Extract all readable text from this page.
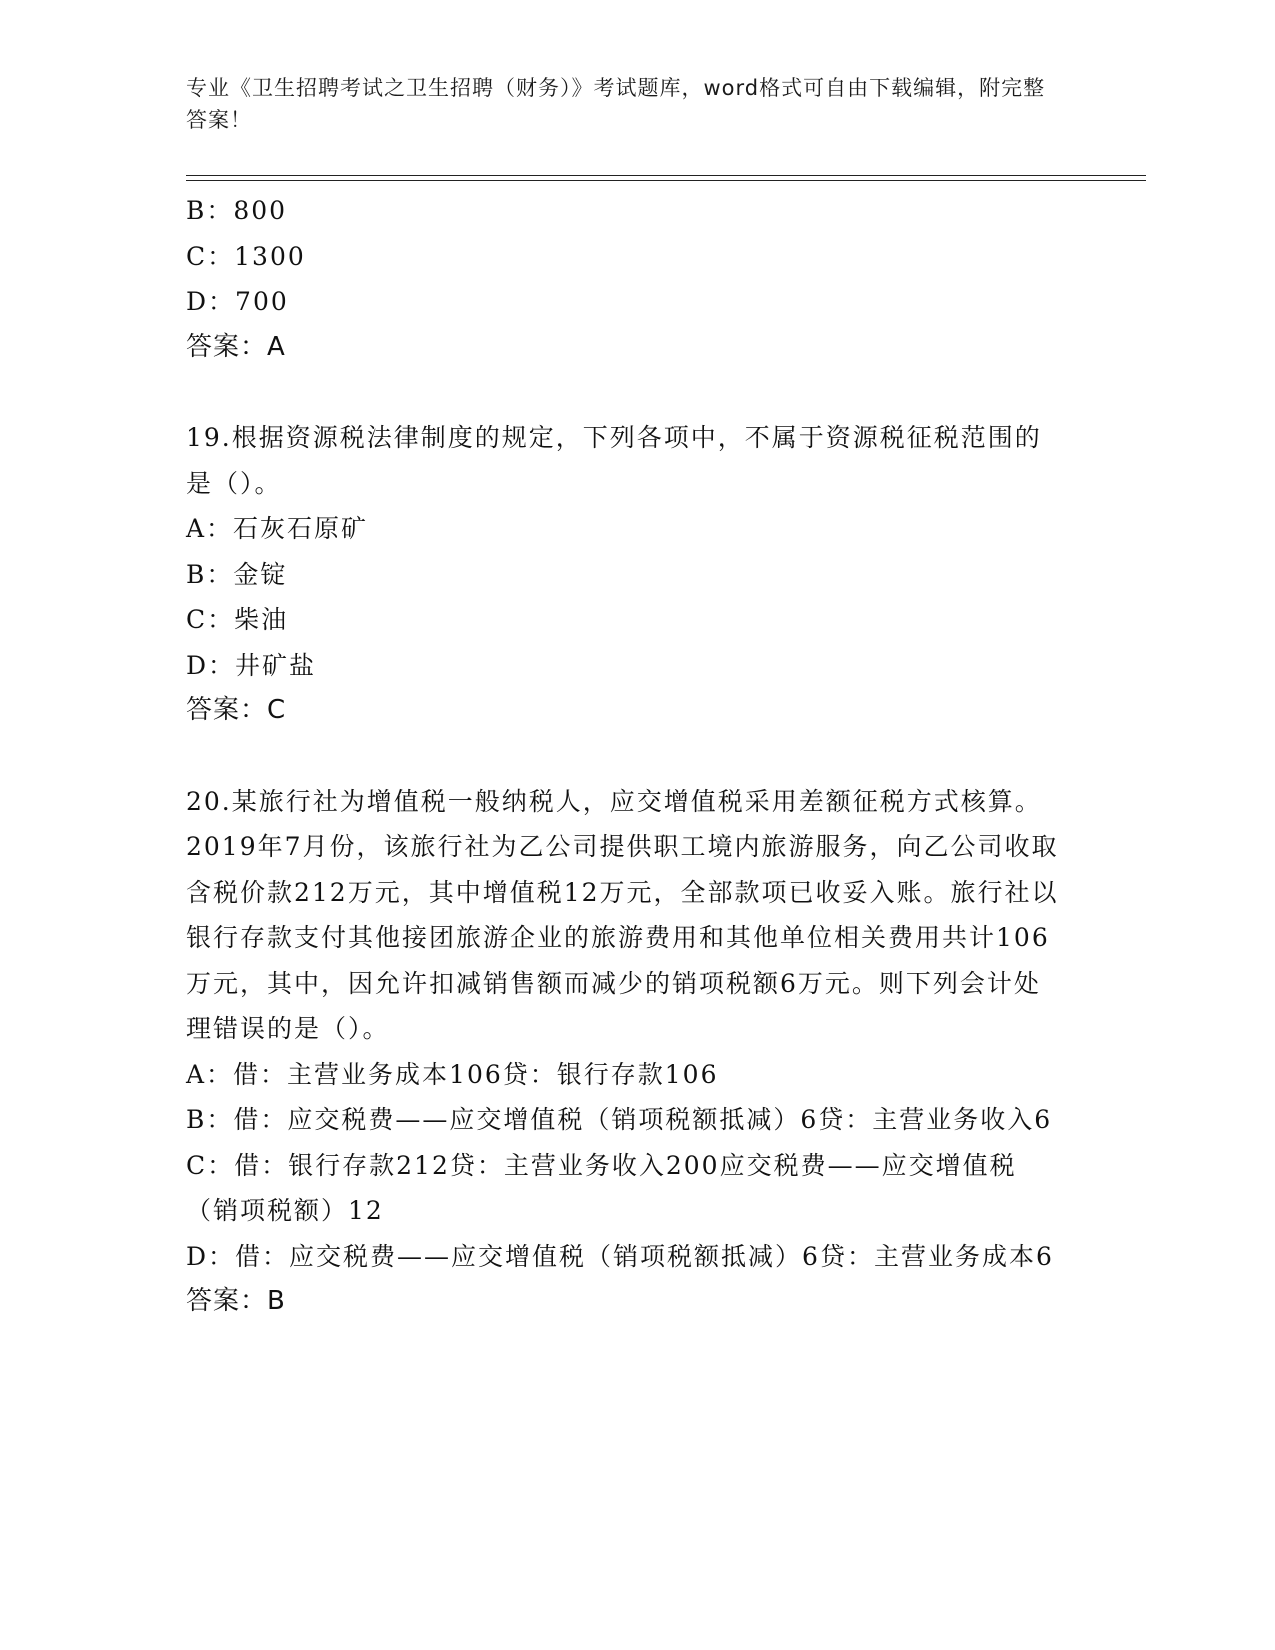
专业《卫生招聘考试之卫生招聘（财务）》考试题库，word格式可自由下载编辑，附完整答案！
B：800
C：1300
D：700
答案：A
19.根据资源税法律制度的规定，下列各项中，不属于资源税征税范围的是（）。
A：石灰石原矿
B：金锭
C：柴油
D：井矿盐
答案：C
20.某旅行社为增值税一般纳税人，应交增值税采用差额征税方式核算。2019年7月份，该旅行社为乙公司提供职工境内旅游服务，向乙公司收取含税价款212万元，其中增值税12万元，全部款项已收妥入账。旅行社以银行存款支付其他接团旅游企业的旅游费用和其他单位相关费用共计106万元，其中，因允许扣减销售额而减少的销项税额6万元。则下列会计处理错误的是（）。
A：借：主营业务成本106贷：银行存款106
B：借：应交税费——应交增值税（销项税额抵减）6贷：主营业务收入6
C：借：银行存款212贷：主营业务收入200应交税费——应交增值税（销项税额）12
D：借：应交税费——应交增值税（销项税额抵减）6贷：主营业务成本6
答案：B
